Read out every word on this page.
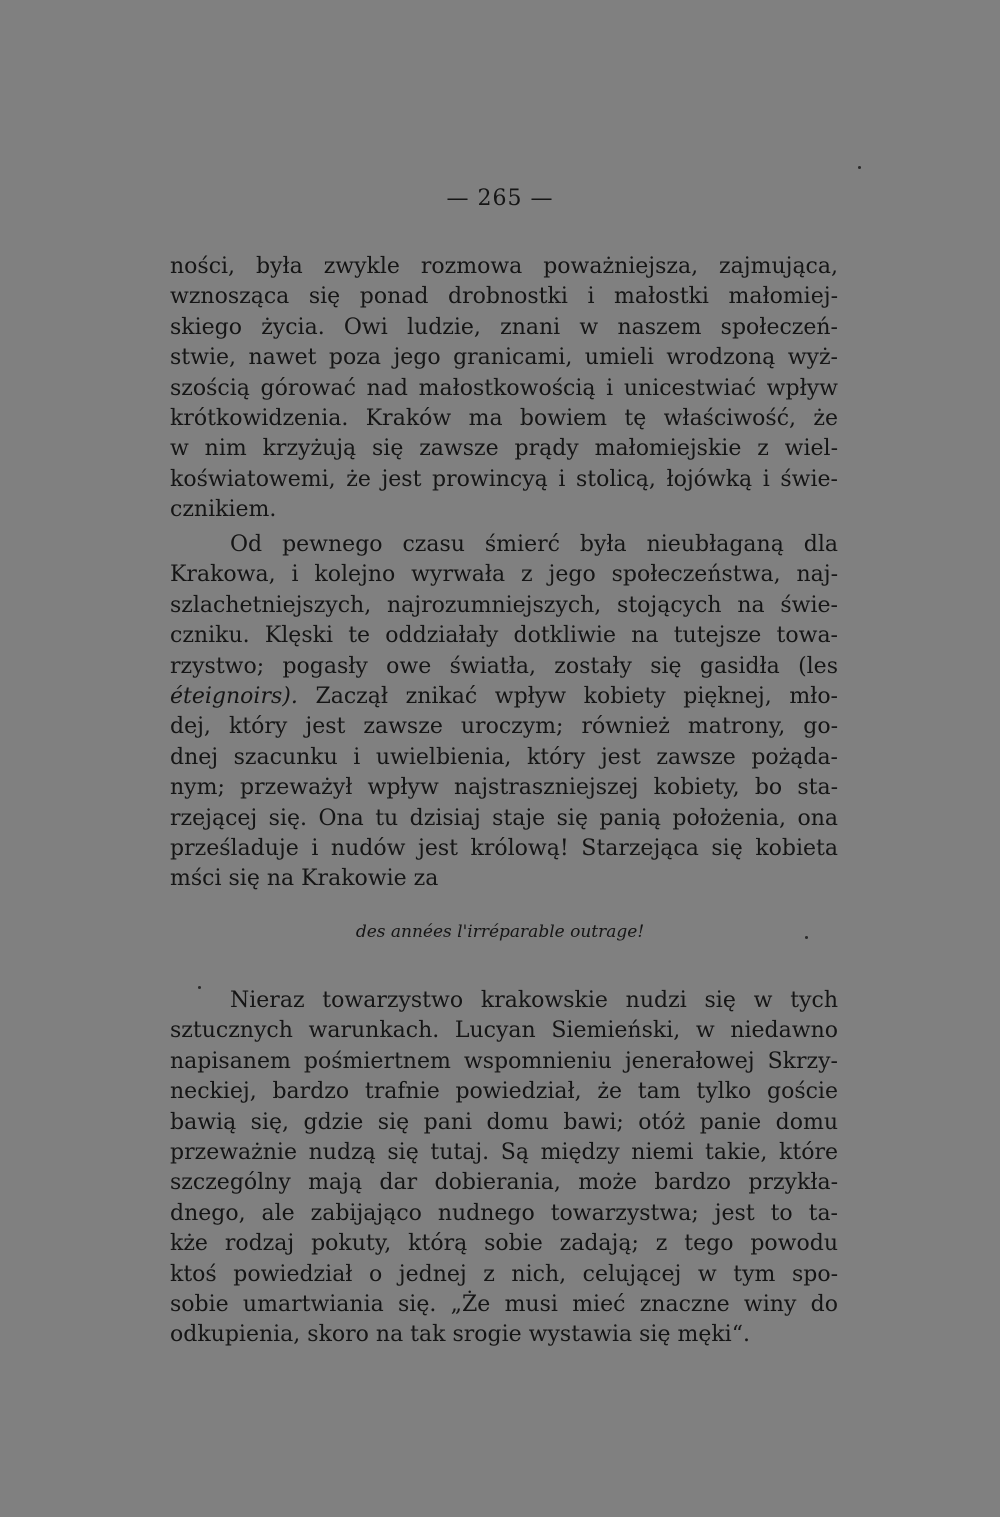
— 265 —
ności, była zwykle rozmowa poważniejsza, zajmująca,
wznosząca się ponad drobnostki i małostki małomiej-
skiego życia. Owi ludzie, znani w naszem społeczeń-
stwie, nawet poza jego granicami, umieli wrodzoną wyż-
szością górować nad małostkowością i unicestwiać wpływ
krótkowidzenia. Kraków ma bowiem tę właściwość, że
w nim krzyżują się zawsze prądy małomiejskie z wiel-
koświatowemi, że jest prowincyą i stolicą, łojówką i świe-
cznikiem.
Od pewnego czasu śmierć była nieubłaganą dla
Krakowa, i kolejno wyrwała z jego społeczeństwa, naj-
szlachetniejszych, najrozumniejszych, stojących na świe-
czniku. Klęski te oddziałały dotkliwie na tutejsze towa-
rzystwo; pogasły owe światła, zostały się gasidła (les
éteignoirs). Zaczął znikać wpływ kobiety pięknej, mło-
dej, który jest zawsze uroczym; również matrony, go-
dnej szacunku i uwielbienia, który jest zawsze pożąda-
nym; przeważył wpływ najstraszniejszej kobiety, bo sta-
rzejącej się. Ona tu dzisiaj staje się panią położenia, ona
prześladuje i nudów jest królową! Starzejąca się kobieta
mści się na Krakowie za
des années l'irréparable outrage!
Nieraz towarzystwo krakowskie nudzi się w tych
sztucznych warunkach. Lucyan Siemieński, w niedawno
napisanem pośmiertnem wspomnieniu jenerałowej Skrzy-
neckiej, bardzo trafnie powiedział, że tam tylko goście
bawią się, gdzie się pani domu bawi; otóż panie domu
przeważnie nudzą się tutaj. Są między niemi takie, które
szczególny mają dar dobierania, może bardzo przykła-
dnego, ale zabijająco nudnego towarzystwa; jest to ta-
kże rodzaj pokuty, którą sobie zadają; z tego powodu
ktoś powiedział o jednej z nich, celującej w tym spo-
sobie umartwiania się. „Że musi mieć znaczne winy do
odkupienia, skoro na tak srogie wystawia się męki“.
